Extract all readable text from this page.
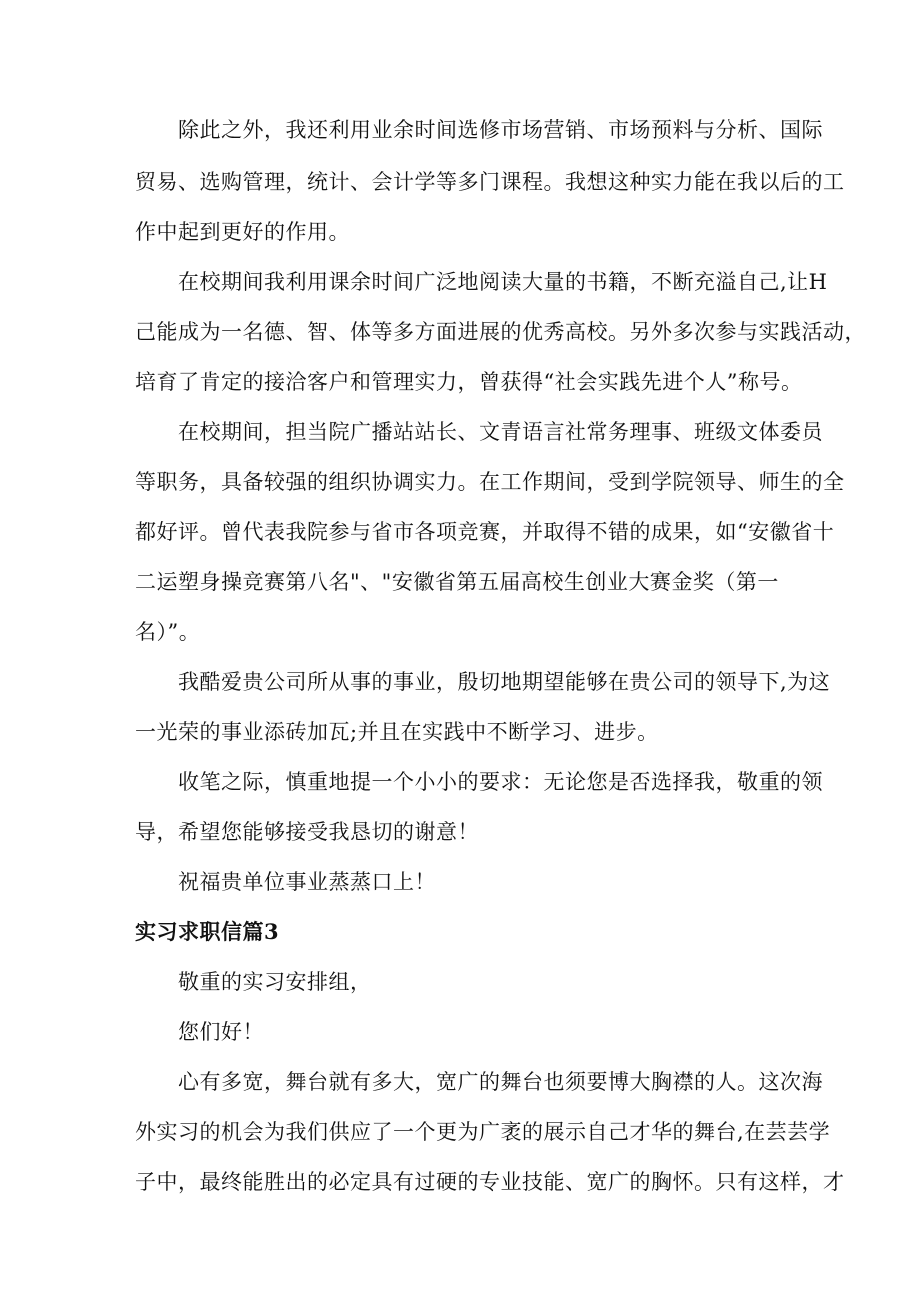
除此之外，我还利用业余时间选修市场营销、市场预料与分析、国际
贸易、选购管理，统计、会计学等多门课程。我想这种实力能在我以后的工
作中起到更好的作用。
在校期间我利用课余时间广泛地阅读大量的书籍，不断充溢自己,让H
己能成为一名德、智、体等多方面进展的优秀高校。另外多次参与实践活动，
培育了肯定的接洽客户和管理实力，曾获得“社会实践先进个人”称号。
在校期间，担当院广播站站长、文青语言社常务理事、班级文体委员
等职务，具备较强的组织协调实力。在工作期间，受到学院领导、师生的全
都好评。曾代表我院参与省市各项竞赛，并取得不错的成果，如“安徽省十
二运塑身操竞赛第八名"、"安徽省第五届高校生创业大赛金奖（第一
名）”。
我酷爱贵公司所从事的事业，殷切地期望能够在贵公司的领导下,为这
一光荣的事业添砖加瓦;并且在实践中不断学习、进步。
收笔之际，慎重地提一个小小的要求：无论您是否选择我，敬重的领
导，希望您能够接受我恳切的谢意！
祝福贵单位事业蒸蒸口上！
实习求职信篇3
敬重的实习安排组，
您们好！
心有多宽，舞台就有多大，宽广的舞台也须要博大胸襟的人。这次海
外实习的机会为我们供应了一个更为广袤的展示自己才华的舞台,在芸芸学
子中，最终能胜出的必定具有过硬的专业技能、宽广的胸怀。只有这样，才
